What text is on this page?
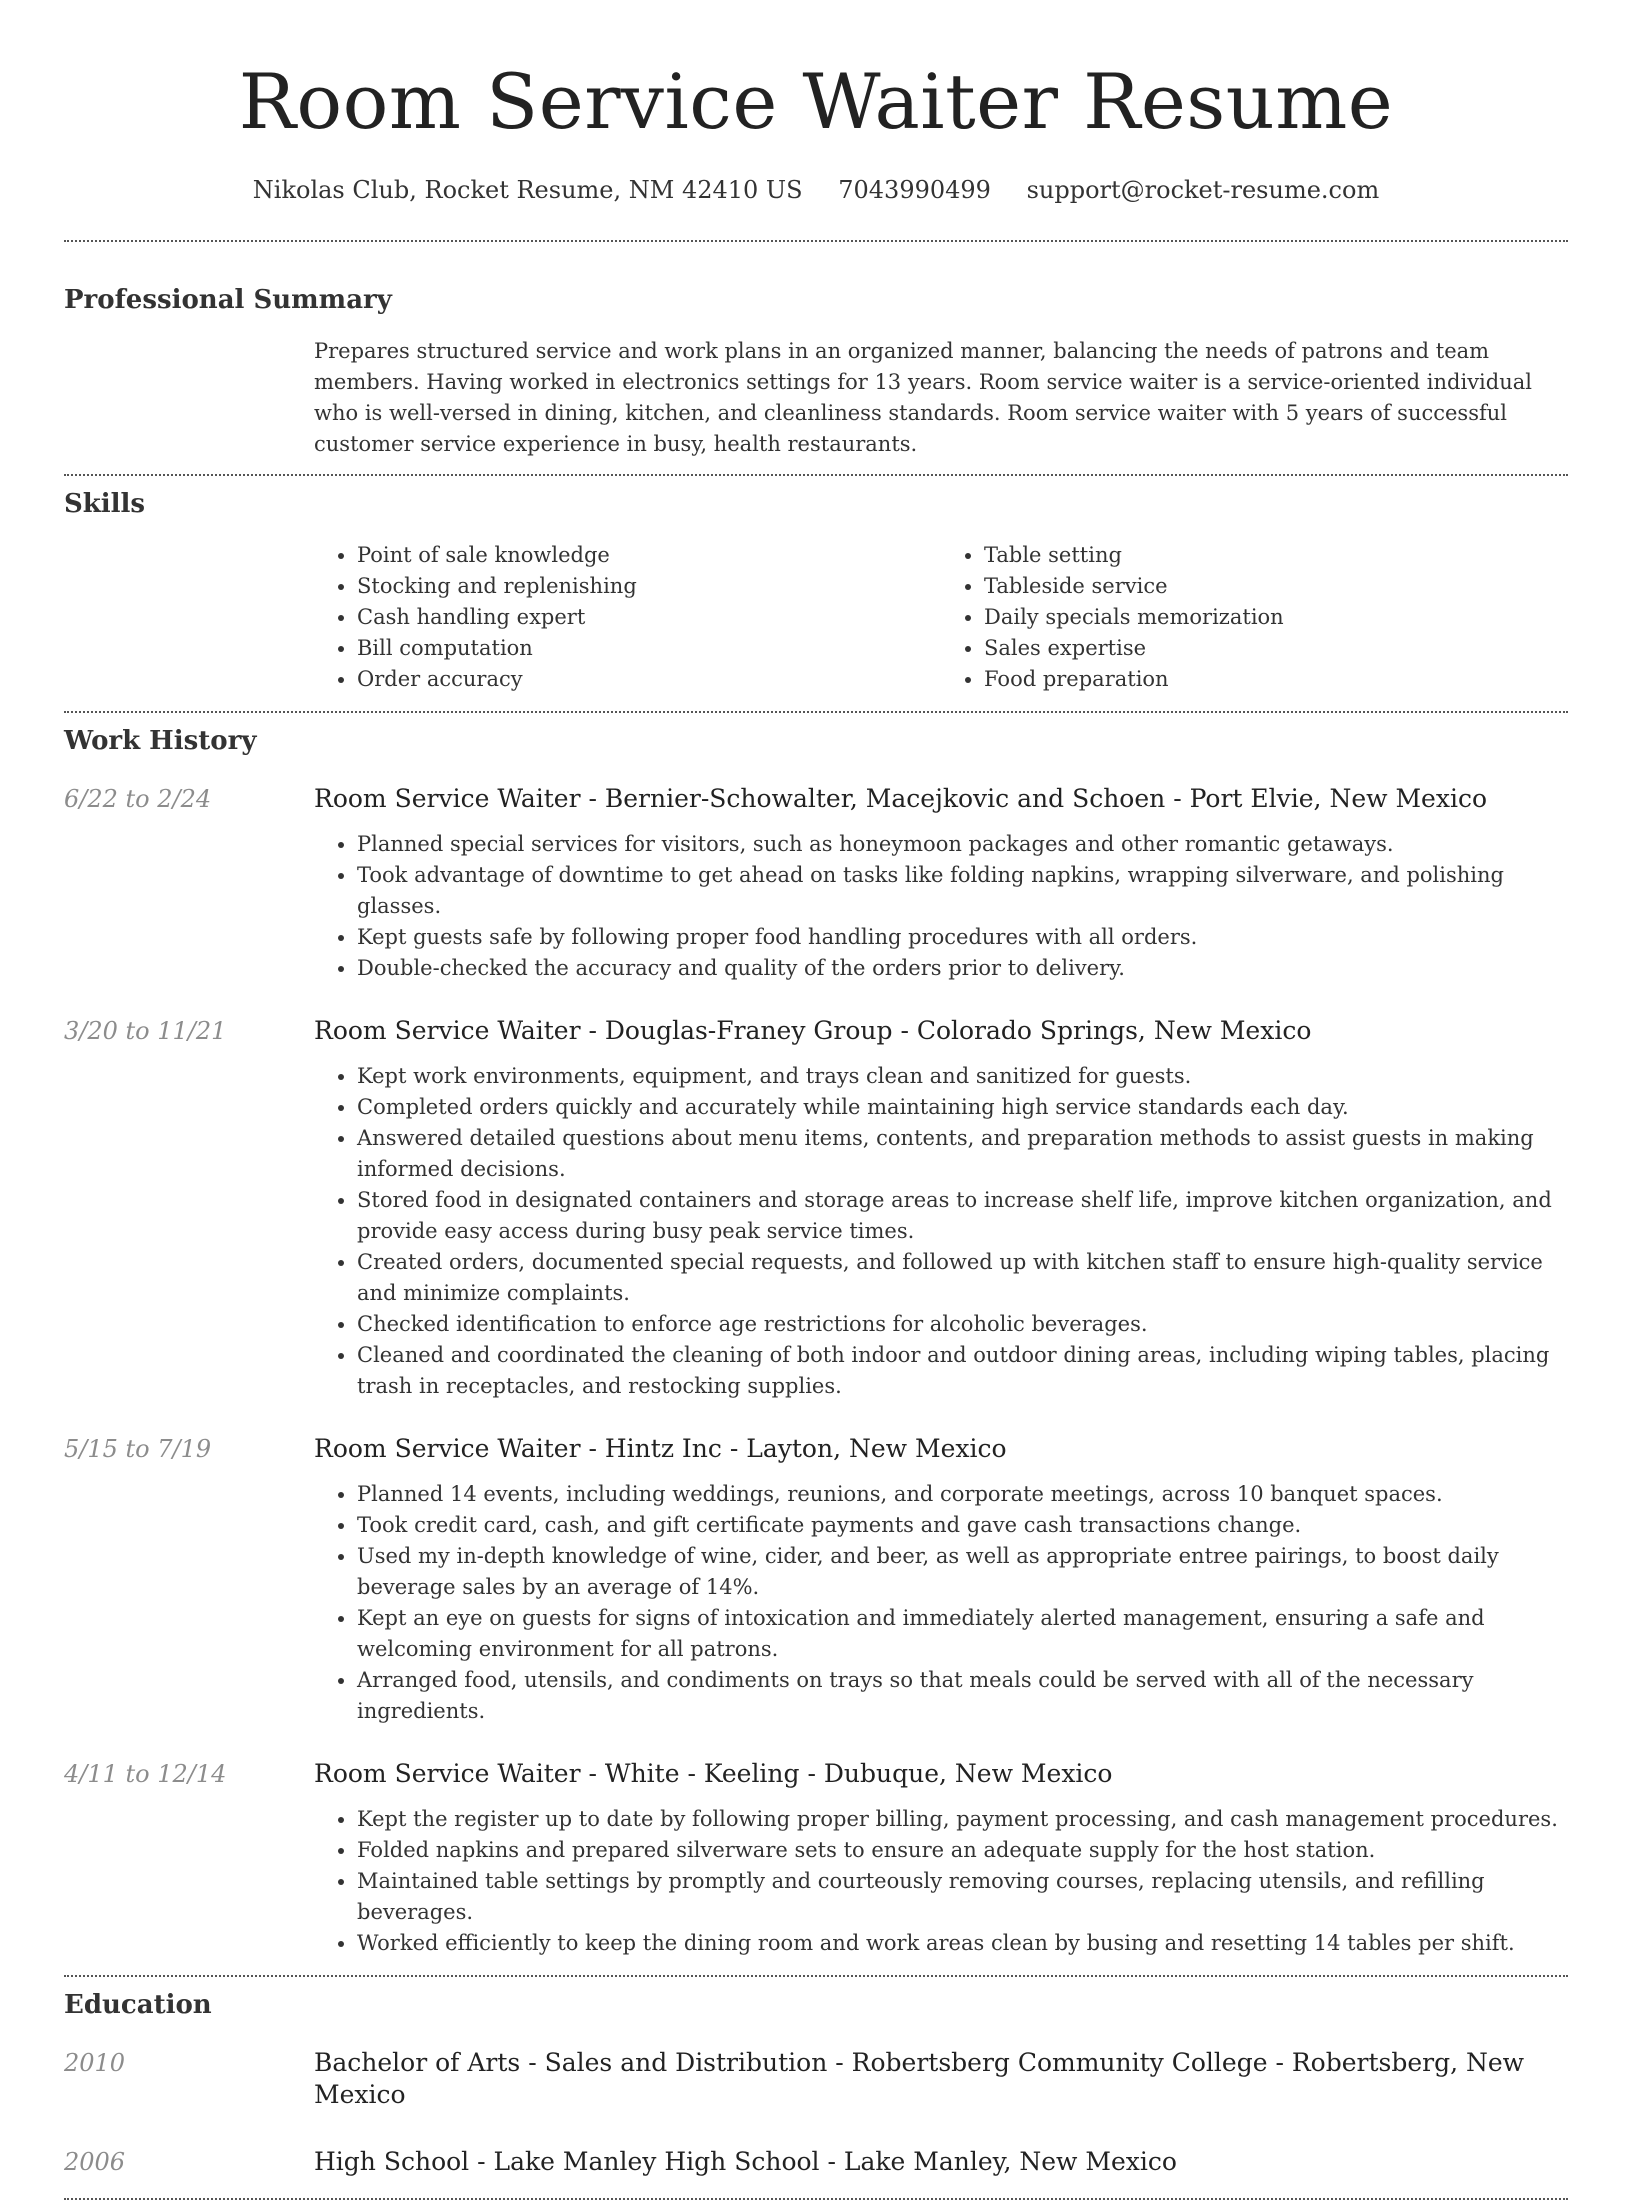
Room Service Waiter Resume
Nikolas Club, Rocket Resume, NM 42410 US 7043990499 support@rocket-resume.com
Professional Summary

Prepares structured service and work plans in an organized manner, balancing the needs of patrons and team members. Having worked in electronics settings for 13 years. Room service waiter is a service-oriented individual who is well-versed in dining, kitchen, and cleanliness standards. Room service waiter with 5 years of successful customer service experience in busy, health restaurants.

Skills
• Point of sale knowledge
• Stocking and replenishing
• Cash handling expert
• Bill computation
• Order accuracy
• Table setting
• Tableside service
• Daily specials memorization
• Sales expertise
• Food preparation
Work History
6/22 to 2/24	Room Service Waiter - Bernier-Schowalter, Macejkovic and Schoen - Port Elvie, New Mexico
• Planned special services for visitors, such as honeymoon packages and other romantic getaways.
• Took advantage of downtime to get ahead on tasks like folding napkins, wrapping silverware, and polishing glasses.
• Kept guests safe by following proper food handling procedures with all orders.
• Double-checked the accuracy and quality of the orders prior to delivery.
3/20 to 11/21	Room Service Waiter - Douglas-Franey Group - Colorado Springs, New Mexico
• Kept work environments, equipment, and trays clean and sanitized for guests.
• Completed orders quickly and accurately while maintaining high service standards each day.
• Answered detailed questions about menu items, contents, and preparation methods to assist guests in making informed decisions.
• Stored food in designated containers and storage areas to increase shelf life, improve kitchen organization, and provide easy access during busy peak service times.
• Created orders, documented special requests, and followed up with kitchen staff to ensure high-quality service and minimize complaints.
• Checked identification to enforce age restrictions for alcoholic beverages.
• Cleaned and coordinated the cleaning of both indoor and outdoor dining areas, including wiping tables, placing trash in receptacles, and restocking supplies.
5/15 to 7/19	Room Service Waiter - Hintz Inc - Layton, New Mexico
• Planned 14 events, including weddings, reunions, and corporate meetings, across 10 banquet spaces.
• Took credit card, cash, and gift certificate payments and gave cash transactions change.
• Used my in-depth knowledge of wine, cider, and beer, as well as appropriate entree pairings, to boost daily beverage sales by an average of 14%.
• Kept an eye on guests for signs of intoxication and immediately alerted management, ensuring a safe and welcoming environment for all patrons.
• Arranged food, utensils, and condiments on trays so that meals could be served with all of the necessary ingredients.
4/11 to 12/14	Room Service Waiter - White - Keeling - Dubuque, New Mexico
• Kept the register up to date by following proper billing, payment processing, and cash management procedures.
• Folded napkins and prepared silverware sets to ensure an adequate supply for the host station.
• Maintained table settings by promptly and courteously removing courses, replacing utensils, and refilling beverages.
• Worked efficiently to keep the dining room and work areas clean by busing and resetting 14 tables per shift.
Education
2010	Bachelor of Arts - Sales and Distribution - Robertsberg Community College - Robertsberg, New Mexico
2006	High School - Lake Manley High School - Lake Manley, New Mexico
